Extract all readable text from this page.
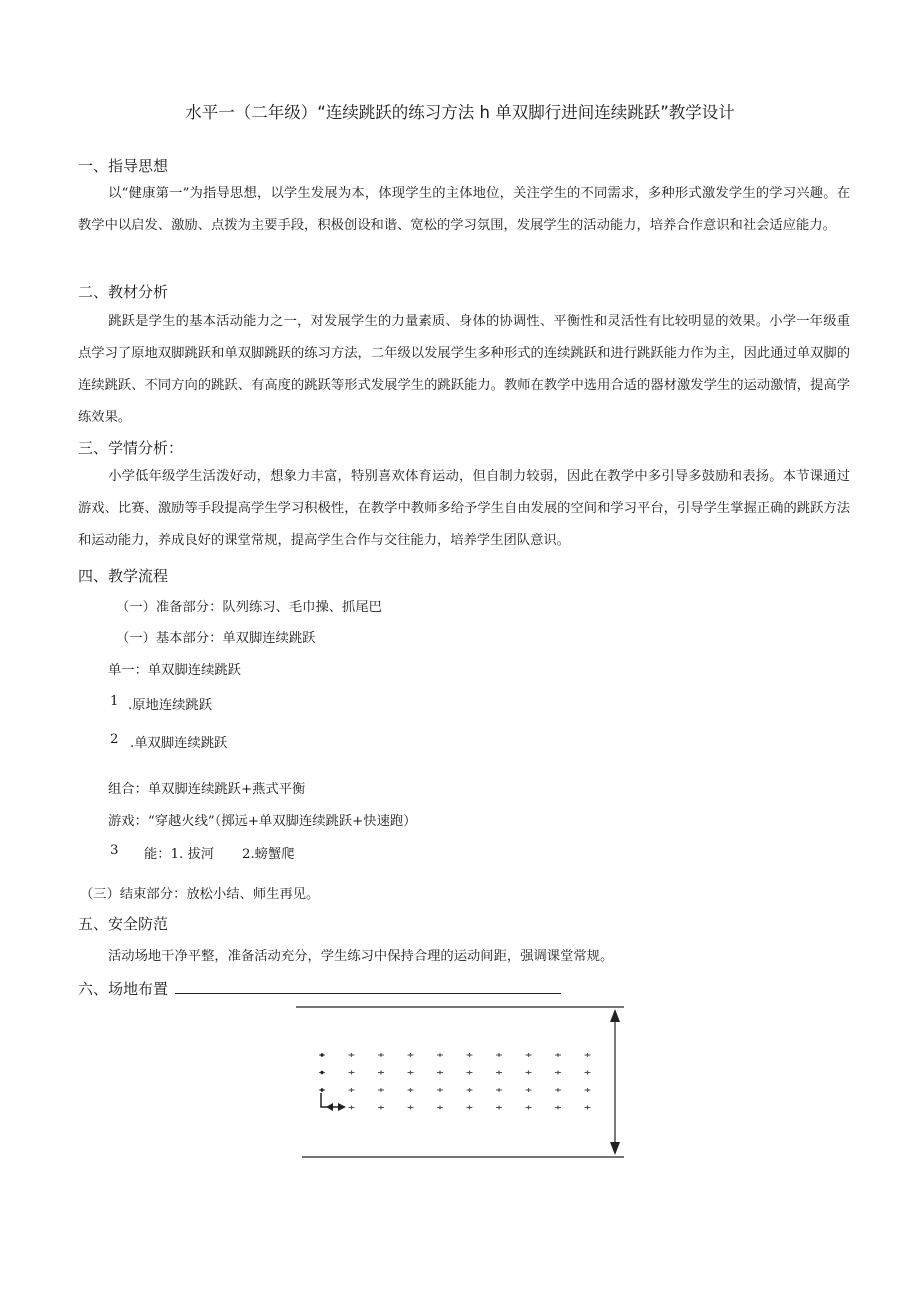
水平一（二年级）“连续跳跃的练习方法 h 单双脚行进间连续跳跃”教学设计
一、指导思想

以“健康第一”为指导思想，以学生发展为本，体现学生的主体地位，关注学生的不同需求，多种形式激发学生的学习兴趣。在教学中以启发、激励、点拨为主要手段，积极创设和谐、宽松的学习氛围，发展学生的活动能力，培养合作意识和社会适应能力。

二、教材分析

跳跃是学生的基本活动能力之一，对发展学生的力量素质、身体的协调性、平衡性和灵活性有比较明显的效果。小学一年级重点学习了原地双脚跳跃和单双脚跳跃的练习方法，二年级以发展学生多种形式的连续跳跃和进行跳跃能力作为主，因此通过单双脚的连续跳跃、不同方向的跳跃、有高度的跳跃等形式发展学生的跳跃能力。教师在教学中选用合适的器材激发学生的运动激情，提高学练效果。

三、学情分析：

小学低年级学生活泼好动，想象力丰富，特别喜欢体育运动，但自制力较弱，因此在教学中多引导多鼓励和表扬。本节课通过游戏、比赛、激励等手段提高学生学习积极性，在教学中教师多给予学生自由发展的空间和学习平台，引导学生掌握正确的跳跃方法和运动能力，养成良好的课堂常规，提高学生合作与交往能力，培养学生团队意识。

四、教学流程
（一）准备部分：队列练习、毛巾操、抓尾巴
（一）基本部分：单双脚连续跳跃
单一：单双脚连续跳跃
1 .原地连续跳跃
2 .单双脚连续跳跃
组合：单双脚连续跳跃+燕式平衡
游戏：“穿越火线”（掷远+单双脚连续跳跃+快速跑）
3 能：1. 拔河 2.螃蟹爬
（三）结束部分：放松小结、师生再见。
五、安全防范
活动场地干净平整，准备活动充分，学生练习中保持合理的运动间距，强调课堂常规。
六、场地布置
